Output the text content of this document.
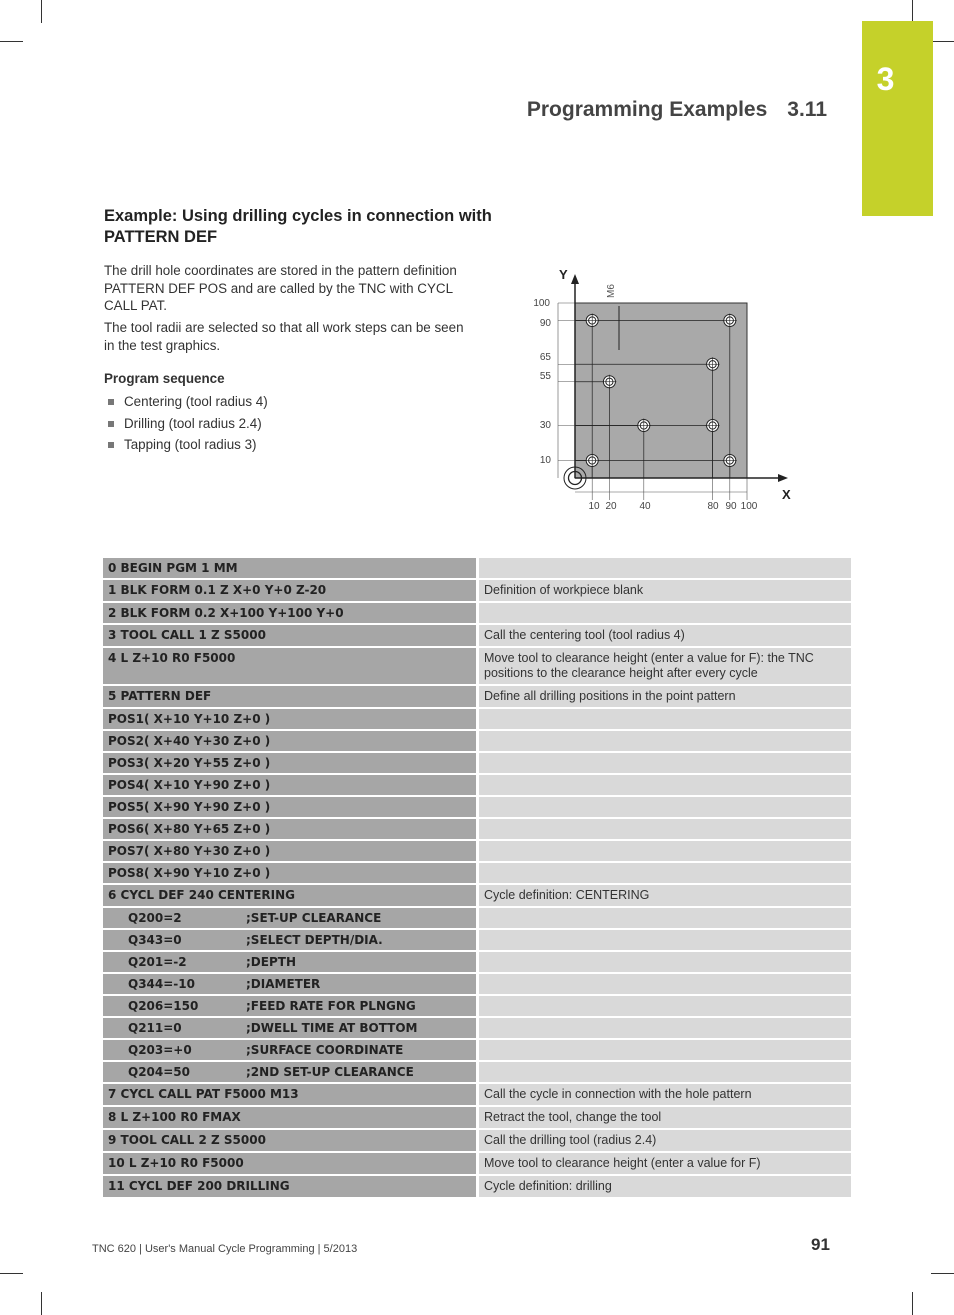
3
Programming Examples 3.11
Example: Using drilling cycles in connection with PATTERN DEF

The drill hole coordinates are stored in the pattern definition PATTERN DEF POS and are called by the TNC with CYCL CALL PAT.

The tool radii are selected so that all work steps can be seen in the test graphics.

Program sequence
Centering (tool radius 4)
Drilling (tool radius 2.4)
Tapping (tool radius 3)
X
Y
M6
100
90
65
55
30
10
10 20 40	80 90 100
0 BEGIN PGM 1 MM	
1 BLK FORM 0.1 Z X+0 Y+0 Z-20	Definition of workpiece blank
2 BLK FORM 0.2 X+100 Y+100 Y+0	
3 TOOL CALL 1 Z S5000	Call the centering tool (tool radius 4)
4 L Z+10 R0 F5000	Move tool to clearance height (enter a value for F): the TNC positions to the clearance height after every cycle
5 PATTERN DEF	Define all drilling positions in the point pattern
POS1( X+10 Y+10 Z+0 )	
POS2( X+40 Y+30 Z+0 )	
POS3( X+20 Y+55 Z+0 )	
POS4( X+10 Y+90 Z+0 )	
POS5( X+90 Y+90 Z+0 )	
POS6( X+80 Y+65 Z+0 )	
POS7( X+80 Y+30 Z+0 )	
POS8( X+90 Y+10 Z+0 )	
6 CYCL DEF 240 CENTERING	Cycle definition: CENTERING
Q200=2 ;SET-UP CLEARANCE	
Q343=0 ;SELECT DEPTH/DIA.	
Q201=-2 ;DEPTH	
Q344=-10 ;DIAMETER	
Q206=150 ;FEED RATE FOR PLNGNG	
Q211=0 ;DWELL TIME AT BOTTOM	
Q203=+0 ;SURFACE COORDINATE	
Q204=50 ;2ND SET-UP CLEARANCE	
7 CYCL CALL PAT F5000 M13	Call the cycle in connection with the hole pattern
8 L Z+100 R0 FMAX	Retract the tool, change the tool
9 TOOL CALL 2 Z S5000	Call the drilling tool (radius 2.4)
10 L Z+10 R0 F5000	Move tool to clearance height (enter a value for F)
11 CYCL DEF 200 DRILLING	Cycle definition: drilling
TNC 620 | User's Manual Cycle Programming | 5/2013	91
